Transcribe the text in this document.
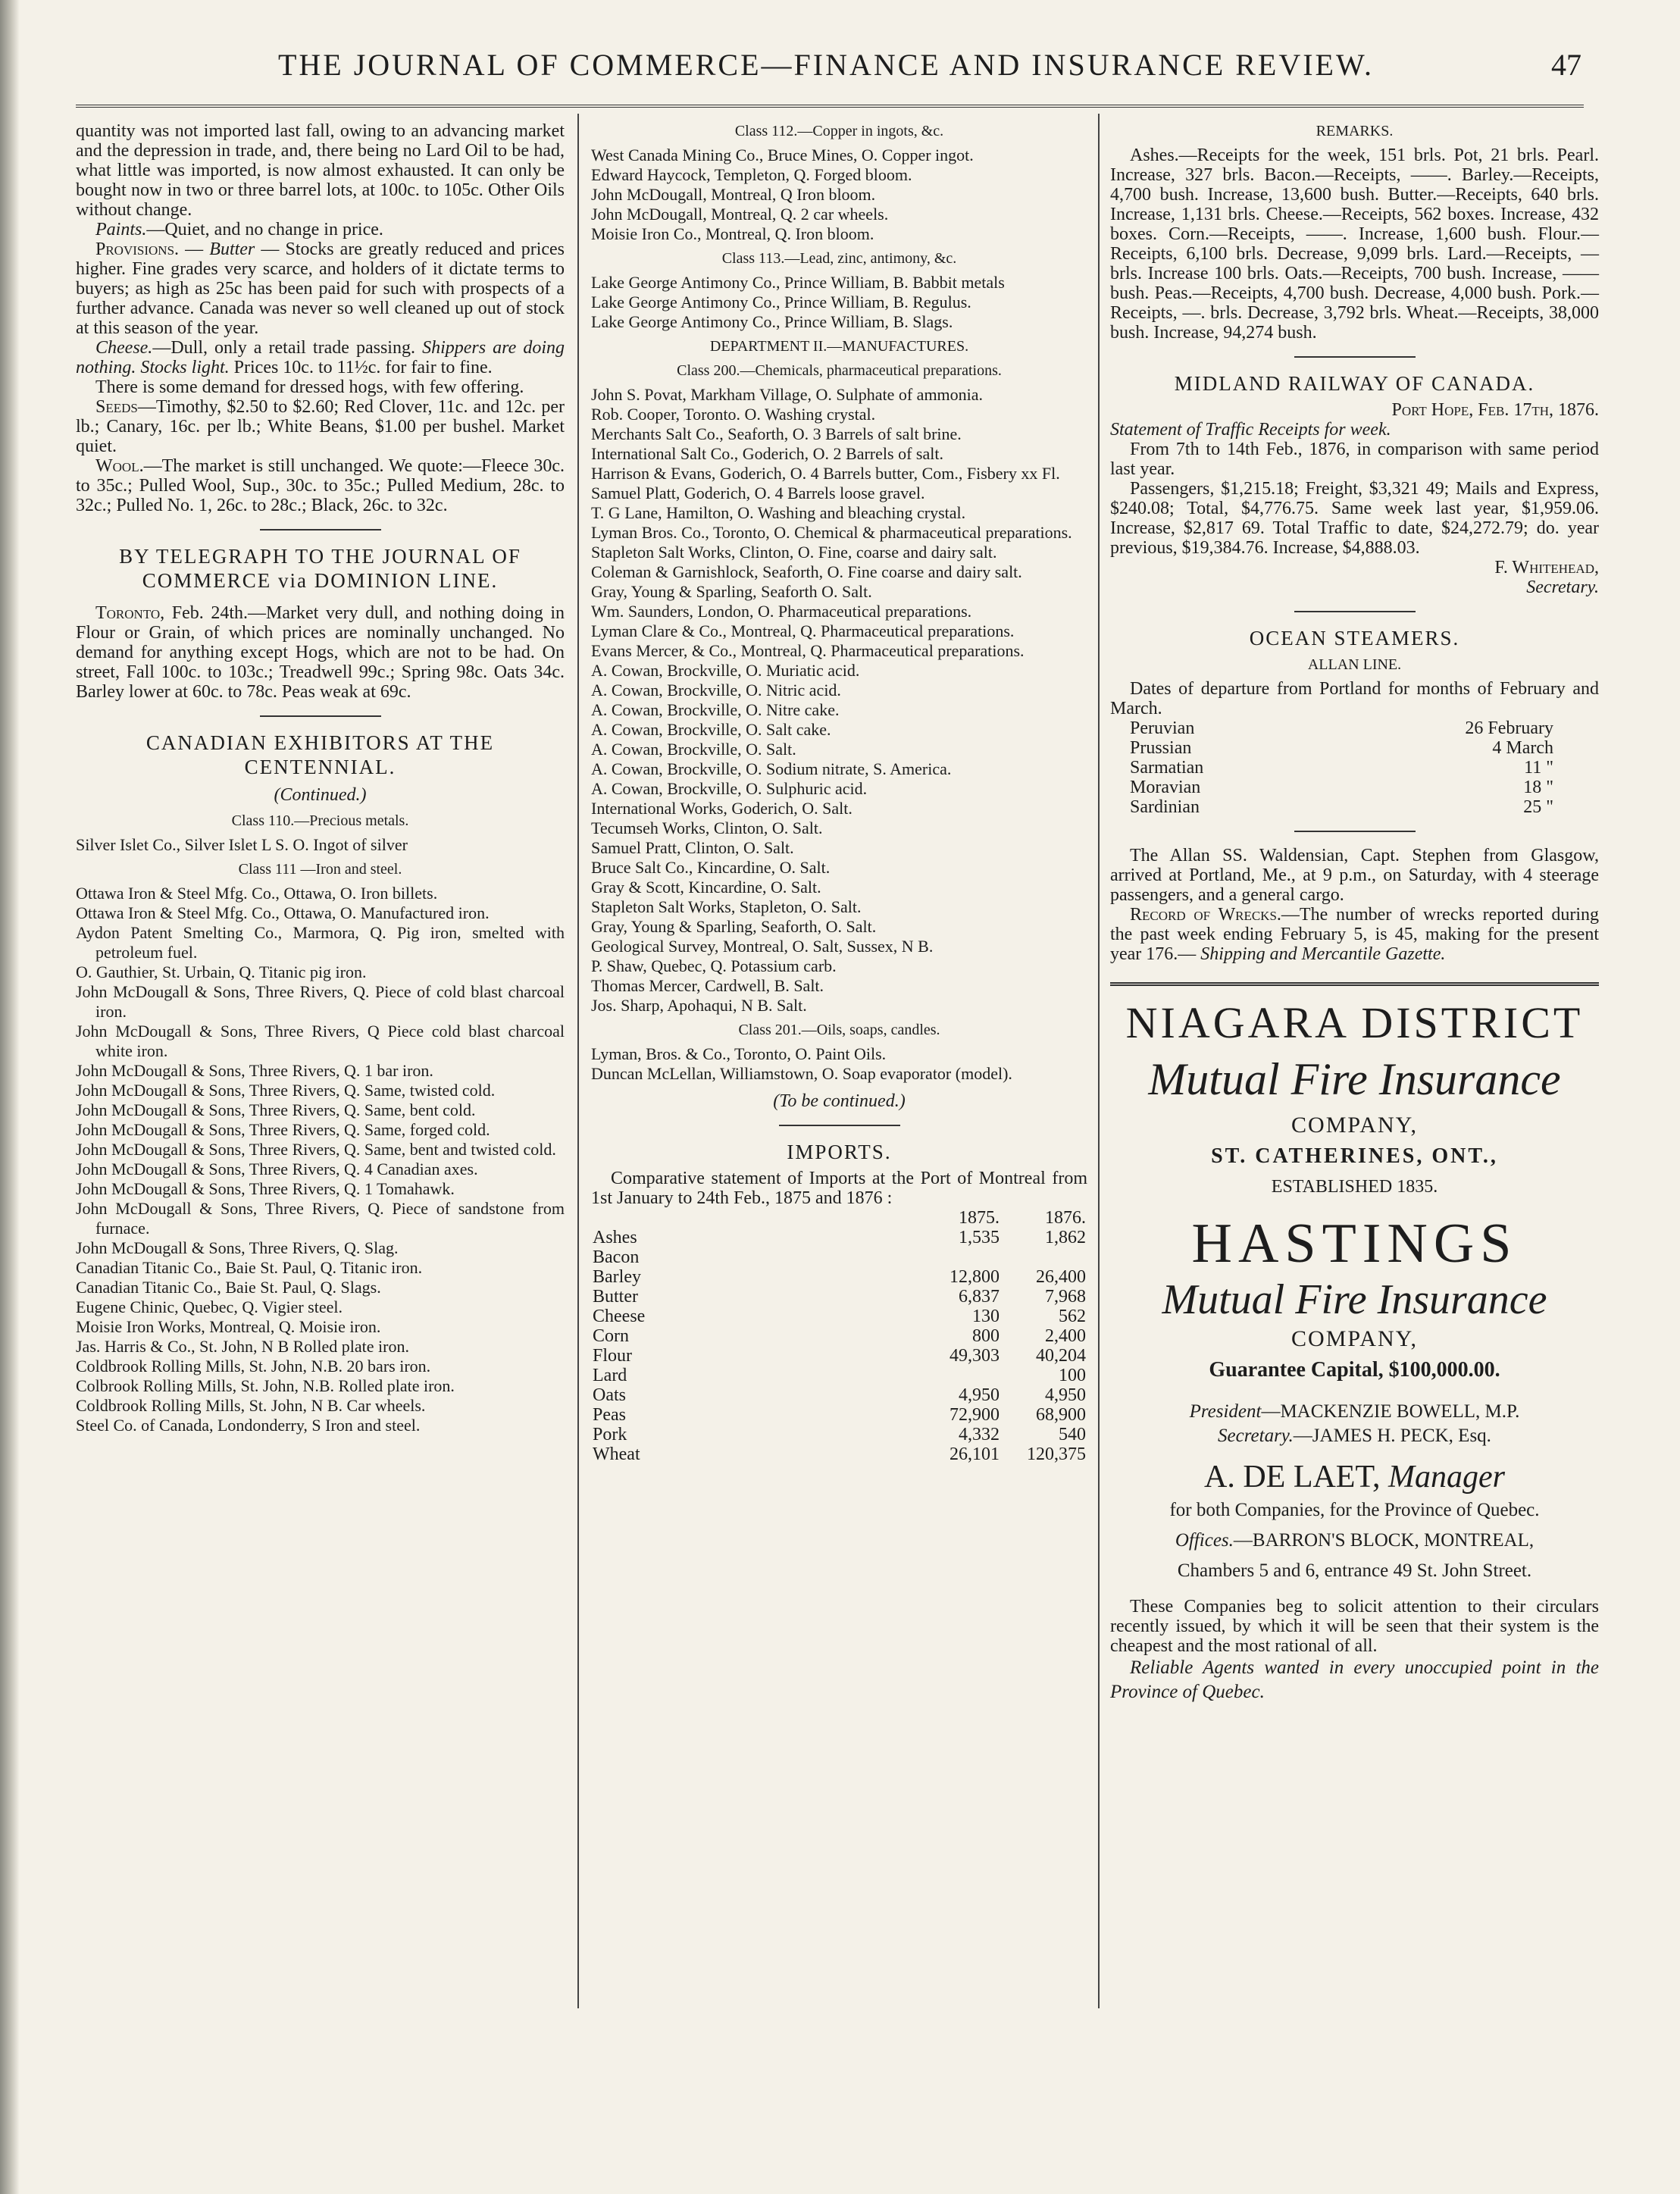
THE JOURNAL OF COMMERCE—FINANCE AND INSURANCE REVIEW.	47

quantity was not imported last fall, owing to an advancing market and the depression in trade, and, there being no Lard Oil to be had, what little was imported, is now almost exhausted. It can only be bought now in two or three barrel lots, at 100c. to 105c. Other Oils without change.

Paints.—Quiet, and no change in price.

Provisions. — Butter — Stocks are greatly reduced and prices higher. Fine grades very scarce, and holders of it dictate terms to buyers; as high as 25c has been paid for such with prospects of a further advance. Canada was never so well cleaned up out of stock at this season of the year.

Cheese.—Dull, only a retail trade passing. Shippers are doing nothing. Stocks light. Prices 10c. to 11½c. for fair to fine.

There is some demand for dressed hogs, with few offering.

Seeds—Timothy, $2.50 to $2.60; Red Clover, 11c. and 12c. per lb.; Canary, 16c. per lb.; White Beans, $1.00 per bushel. Market quiet.

Wool.—The market is still unchanged. We quote:—Fleece 30c. to 35c.; Pulled Wool, Sup., 30c. to 35c.; Pulled Medium, 28c. to 32c.; Pulled No. 1, 26c. to 28c.; Black, 26c. to 32c.

BY TELEGRAPH TO THE JOURNAL OF COMMERCE via DOMINION LINE.

Toronto, Feb. 24th.—Market very dull, and nothing doing in Flour or Grain, of which prices are nominally unchanged. No demand for anything except Hogs, which are not to be had. On street, Fall 100c. to 103c.; Treadwell 99c.; Spring 98c. Oats 34c. Barley lower at 60c. to 78c. Peas weak at 69c.

CANADIAN EXHIBITORS AT THE CENTENNIAL.
(Continued.)
Class 110.—Precious metals.

Silver Islet Co., Silver Islet L S. O. Ingot of silver

Class 111 —Iron and steel.

Ottawa Iron & Steel Mfg. Co., Ottawa, O. Iron billets.

Ottawa Iron & Steel Mfg. Co., Ottawa, O. Manufactured iron.

Aydon Patent Smelting Co., Marmora, Q. Pig iron, smelted with petroleum fuel.

O. Gauthier, St. Urbain, Q. Titanic pig iron.

John McDougall & Sons, Three Rivers, Q. Piece of cold blast charcoal iron.

John McDougall & Sons, Three Rivers, Q Piece cold blast charcoal white iron.

John McDougall & Sons, Three Rivers, Q. 1 bar iron.

John McDougall & Sons, Three Rivers, Q. Same, twisted cold.

John McDougall & Sons, Three Rivers, Q. Same, bent cold.

John McDougall & Sons, Three Rivers, Q. Same, forged cold.

John McDougall & Sons, Three Rivers, Q. Same, bent and twisted cold.

John McDougall & Sons, Three Rivers, Q. 4 Canadian axes.

John McDougall & Sons, Three Rivers, Q. 1 Tomahawk.

John McDougall & Sons, Three Rivers, Q. Piece of sandstone from furnace.

John McDougall & Sons, Three Rivers, Q. Slag.

Canadian Titanic Co., Baie St. Paul, Q. Titanic iron.

Canadian Titanic Co., Baie St. Paul, Q. Slags.

Eugene Chinic, Quebec, Q. Vigier steel.

Moisie Iron Works, Montreal, Q. Moisie iron.

Jas. Harris & Co., St. John, N B Rolled plate iron.

Coldbrook Rolling Mills, St. John, N.B. 20 bars iron.

Colbrook Rolling Mills, St. John, N.B. Rolled plate iron.

Coldbrook Rolling Mills, St. John, N B. Car wheels.

Steel Co. of Canada, Londonderry, S Iron and steel.

Class 112.—Copper in ingots, &c.

West Canada Mining Co., Bruce Mines, O. Copper ingot.

Edward Haycock, Templeton, Q. Forged bloom.

John McDougall, Montreal, Q Iron bloom.

John McDougall, Montreal, Q. 2 car wheels.

Moisie Iron Co., Montreal, Q. Iron bloom.

Class 113.—Lead, zinc, antimony, &c.

Lake George Antimony Co., Prince William, B. Babbit metals

Lake George Antimony Co., Prince William, B. Regulus.

Lake George Antimony Co., Prince William, B. Slags.

DEPARTMENT II.—MANUFACTURES.
Class 200.—Chemicals, pharmaceutical preparations.

John S. Povat, Markham Village, O. Sulphate of ammonia.

Rob. Cooper, Toronto. O. Washing crystal.

Merchants Salt Co., Seaforth, O. 3 Barrels of salt brine.

International Salt Co., Goderich, O. 2 Barrels of salt.

Harrison & Evans, Goderich, O. 4 Barrels butter, Com., Fisbery xx Fl.

Samuel Platt, Goderich, O. 4 Barrels loose gravel.

T. G Lane, Hamilton, O. Washing and bleaching crystal.

Lyman Bros. Co., Toronto, O. Chemical & pharmaceutical preparations.

Stapleton Salt Works, Clinton, O. Fine, coarse and dairy salt.

Coleman & Garnishlock, Seaforth, O. Fine coarse and dairy salt.

Gray, Young & Sparling, Seaforth O. Salt.

Wm. Saunders, London, O. Pharmaceutical preparations.

Lyman Clare & Co., Montreal, Q. Pharmaceutical preparations.

Evans Mercer, & Co., Montreal, Q. Pharmaceutical preparations.

A. Cowan, Brockville, O. Muriatic acid.

A. Cowan, Brockville, O. Nitric acid.

A. Cowan, Brockville, O. Nitre cake.

A. Cowan, Brockville, O. Salt cake.

A. Cowan, Brockville, O. Salt.

A. Cowan, Brockville, O. Sodium nitrate, S. America.

A. Cowan, Brockville, O. Sulphuric acid.

International Works, Goderich, O. Salt.

Tecumseh Works, Clinton, O. Salt.

Samuel Pratt, Clinton, O. Salt.

Bruce Salt Co., Kincardine, O. Salt.

Gray & Scott, Kincardine, O. Salt.

Stapleton Salt Works, Stapleton, O. Salt.

Gray, Young & Sparling, Seaforth, O. Salt.

Geological Survey, Montreal, O. Salt, Sussex, N B.

P. Shaw, Quebec, Q. Potassium carb.

Thomas Mercer, Cardwell, B. Salt.

Jos. Sharp, Apohaqui, N B. Salt.

Class 201.—Oils, soaps, candles.

Lyman, Bros. & Co., Toronto, O. Paint Oils.

Duncan McLellan, Williamstown, O. Soap evaporator (model).

(To be continued.)
IMPORTS.

Comparative statement of Imports at the Port of Montreal from 1st January to 24th Feb., 1875 and 1876 :

	1875.	1876.
Ashes	1,535	1,862
Bacon		
Barley	12,800	26,400
Butter	6,837	7,968
Cheese	130	562
Corn	800	2,400
Flour	49,303	40,204
Lard		100
Oats	4,950	4,950
Peas	72,900	68,900
Pork	4,332	540
Wheat	26,101	120,375
REMARKS.

Ashes.—Receipts for the week, 151 brls. Pot, 21 brls. Pearl. Increase, 327 brls. Bacon.—Receipts, ——. Barley.—Receipts, 4,700 bush. Increase, 13,600 bush. Butter.—Receipts, 640 brls. Increase, 1,131 brls. Cheese.—Receipts, 562 boxes. Increase, 432 boxes. Corn.—Receipts, ——. Increase, 1,600 bush. Flour.—Receipts, 6,100 brls. Decrease, 9,099 brls. Lard.—Receipts, — brls. Increase 100 brls. Oats.—Receipts, 700 bush. Increase, —— bush. Peas.—Receipts, 4,700 bush. Decrease, 4,000 bush. Pork.—Receipts, —. brls. Decrease, 3,792 brls. Wheat.—Receipts, 38,000 bush. Increase, 94,274 bush.

MIDLAND RAILWAY OF CANADA.

Port Hope, Feb. 17th, 1876.

Statement of Traffic Receipts for week.

From 7th to 14th Feb., 1876, in comparison with same period last year.

Passengers, $1,215.18; Freight, $3,321 49; Mails and Express, $240.08; Total, $4,776.75. Same week last year, $1,959.06. Increase, $2,817 69. Total Traffic to date, $24,272.79; do. year previous, $19,384.76. Increase, $4,888.03.

F. Whitehead,

Secretary.

OCEAN STEAMERS.
ALLAN LINE.

Dates of departure from Portland for months of February and March.

Peruvian	26 February
Prussian	4 March
Sarmatian	11 "
Moravian	18 "
Sardinian	25 "

The Allan SS. Waldensian, Capt. Stephen from Glasgow, arrived at Portland, Me., at 9 p.m., on Saturday, with 4 steerage passengers, and a general cargo.

Record of Wrecks.—The number of wrecks reported during the past week ending February 5, is 45, making for the present year 176.— Shipping and Mercantile Gazette.

NIAGARA DISTRICT
Mutual Fire Insurance
COMPANY,
ST. CATHERINES, ONT.,
ESTABLISHED 1835.
HASTINGS
Mutual Fire Insurance
COMPANY,
Guarantee Capital, $100,000.00.
President—MACKENZIE BOWELL, M.P.
Secretary.—JAMES H. PECK, Esq.
A. DE LAET, Manager
for both Companies, for the Province of Quebec.
Offices.—BARRON'S BLOCK, MONTREAL,
Chambers 5 and 6, entrance 49 St. John Street.

These Companies beg to solicit attention to their circulars recently issued, by which it will be seen that their system is the cheapest and the most rational of all.

Reliable Agents wanted in every unoccupied point in the Province of Quebec.
